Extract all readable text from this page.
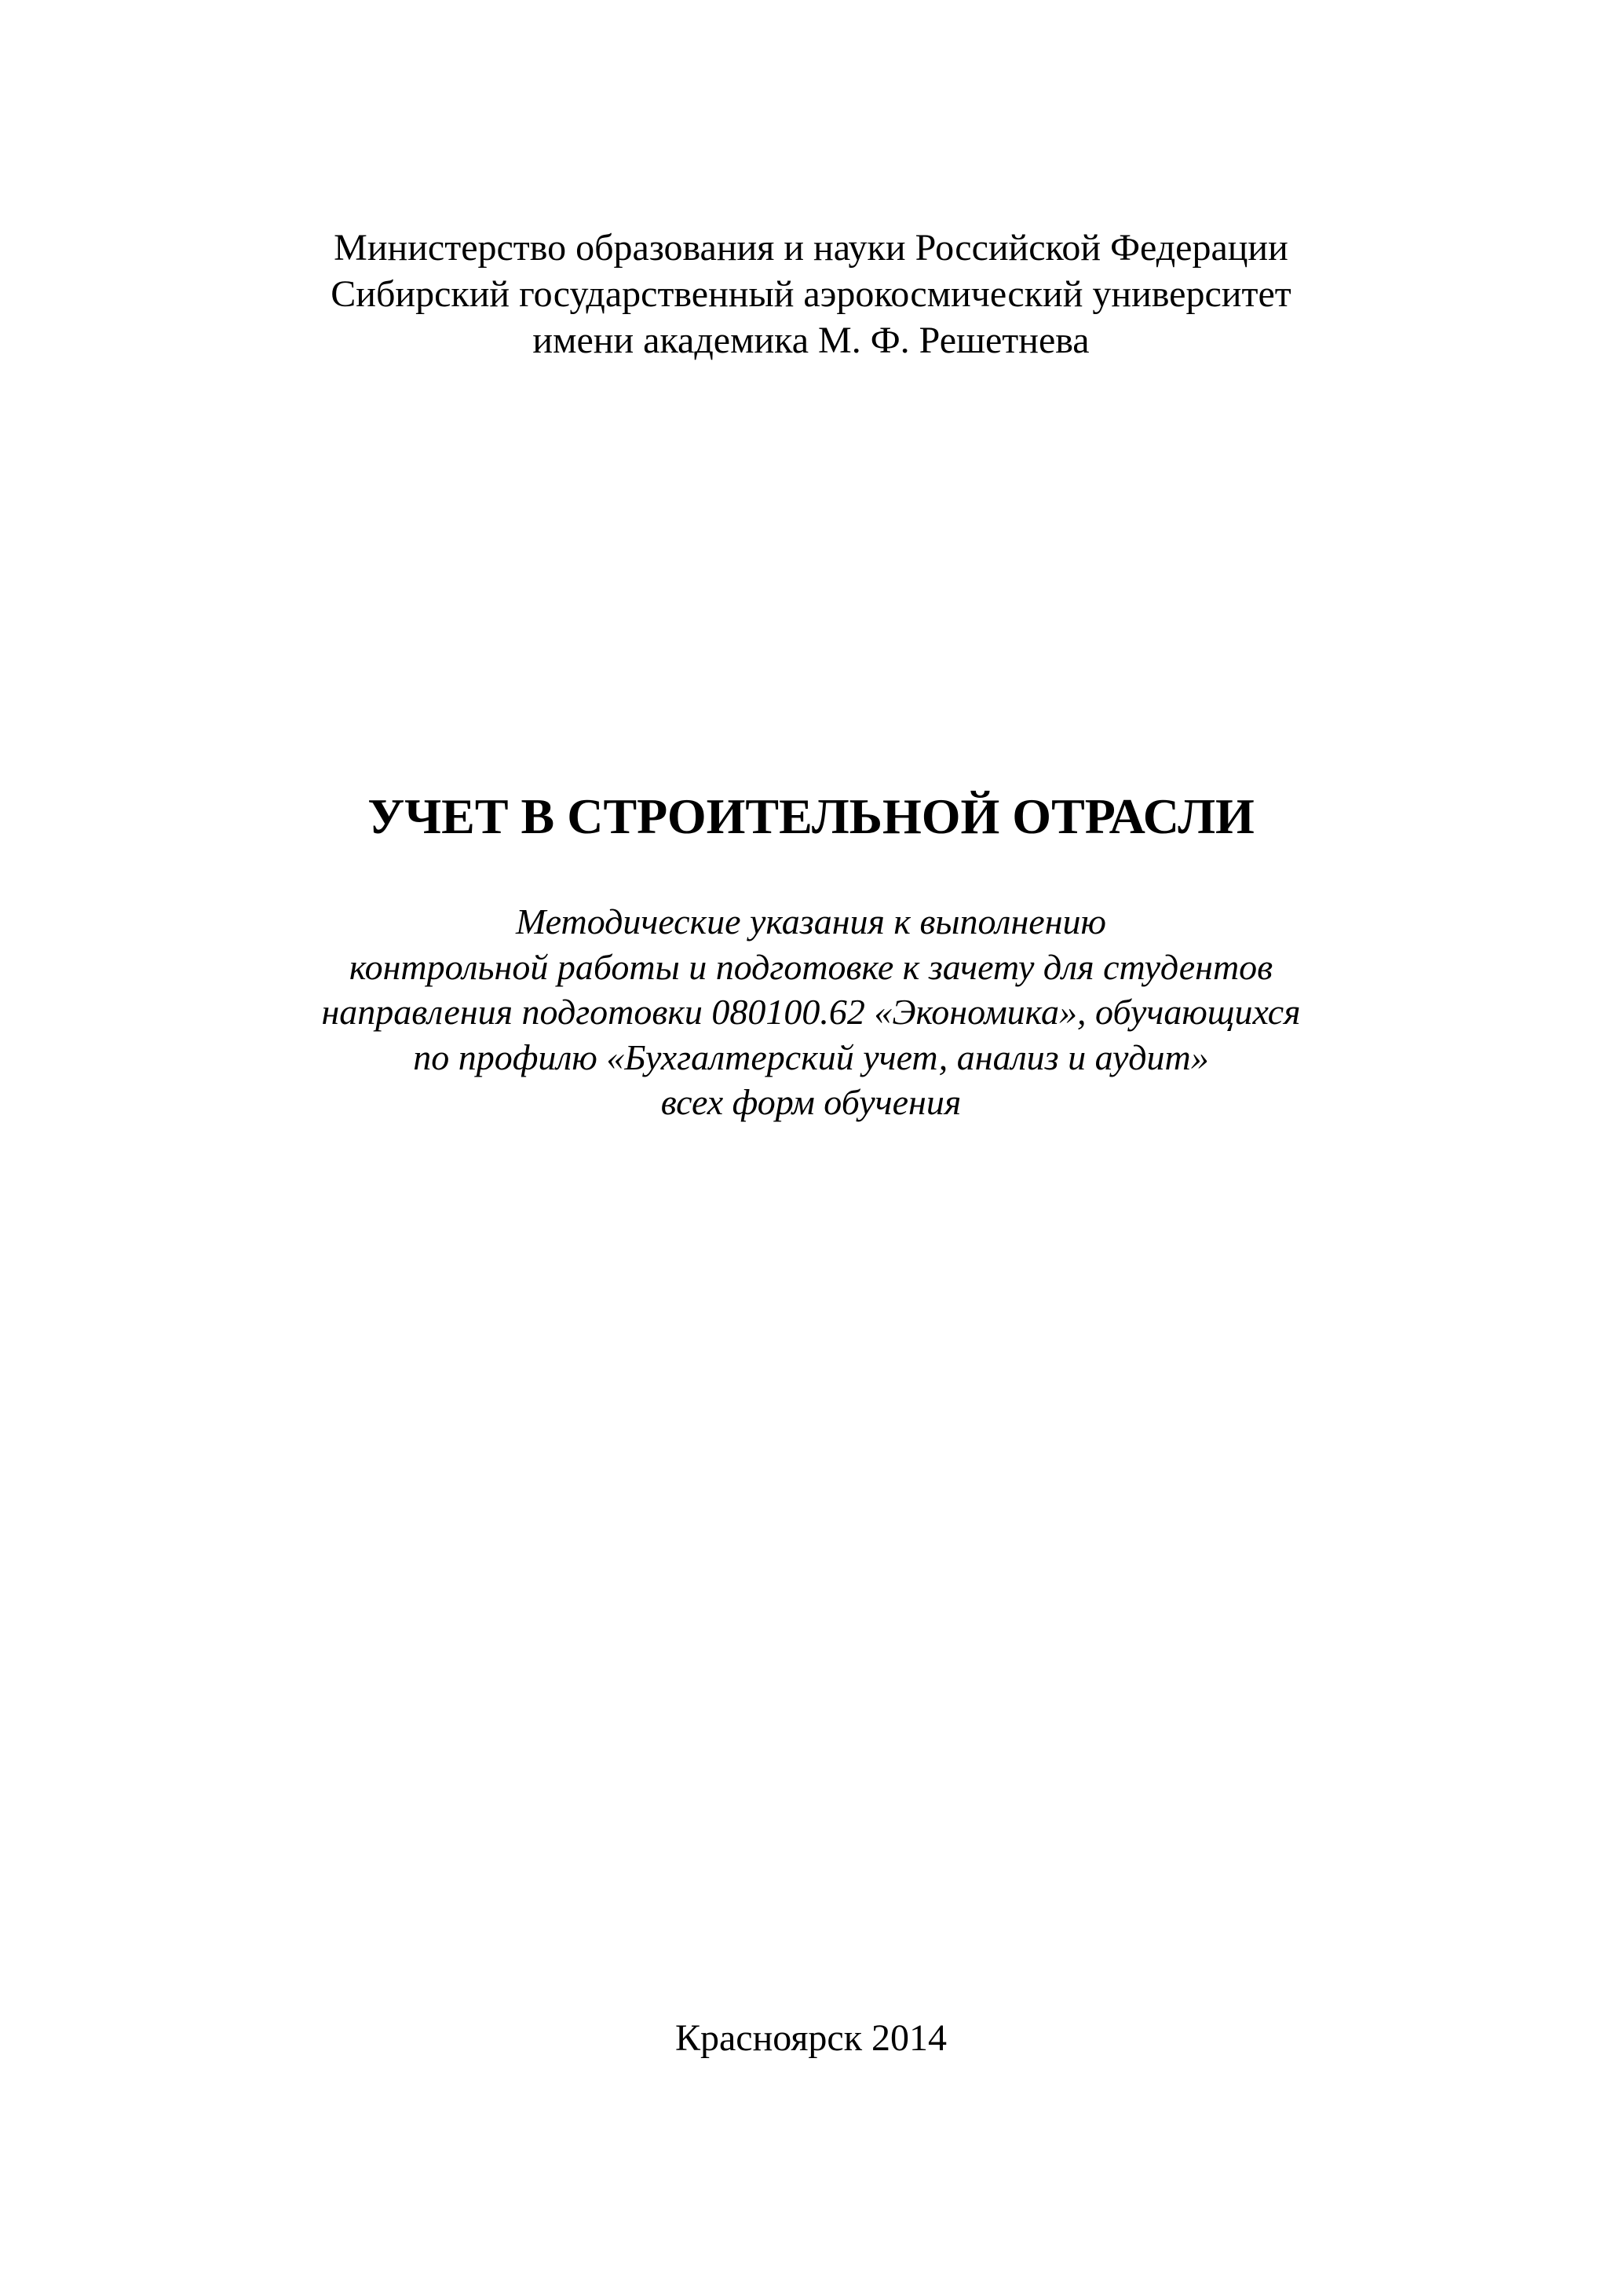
Министерство образования и науки Российской Федерации
Сибирский государственный аэрокосмический университет
имени академика М. Ф. Решетнева
УЧЕТ В СТРОИТЕЛЬНОЙ ОТРАСЛИ
Методические указания к выполнению
контрольной работы и подготовке к зачету для студентов
направления подготовки 080100.62 «Экономика», обучающихся
по профилю «Бухгалтерский учет, анализ и аудит»
всех форм обучения
Красноярск 2014
